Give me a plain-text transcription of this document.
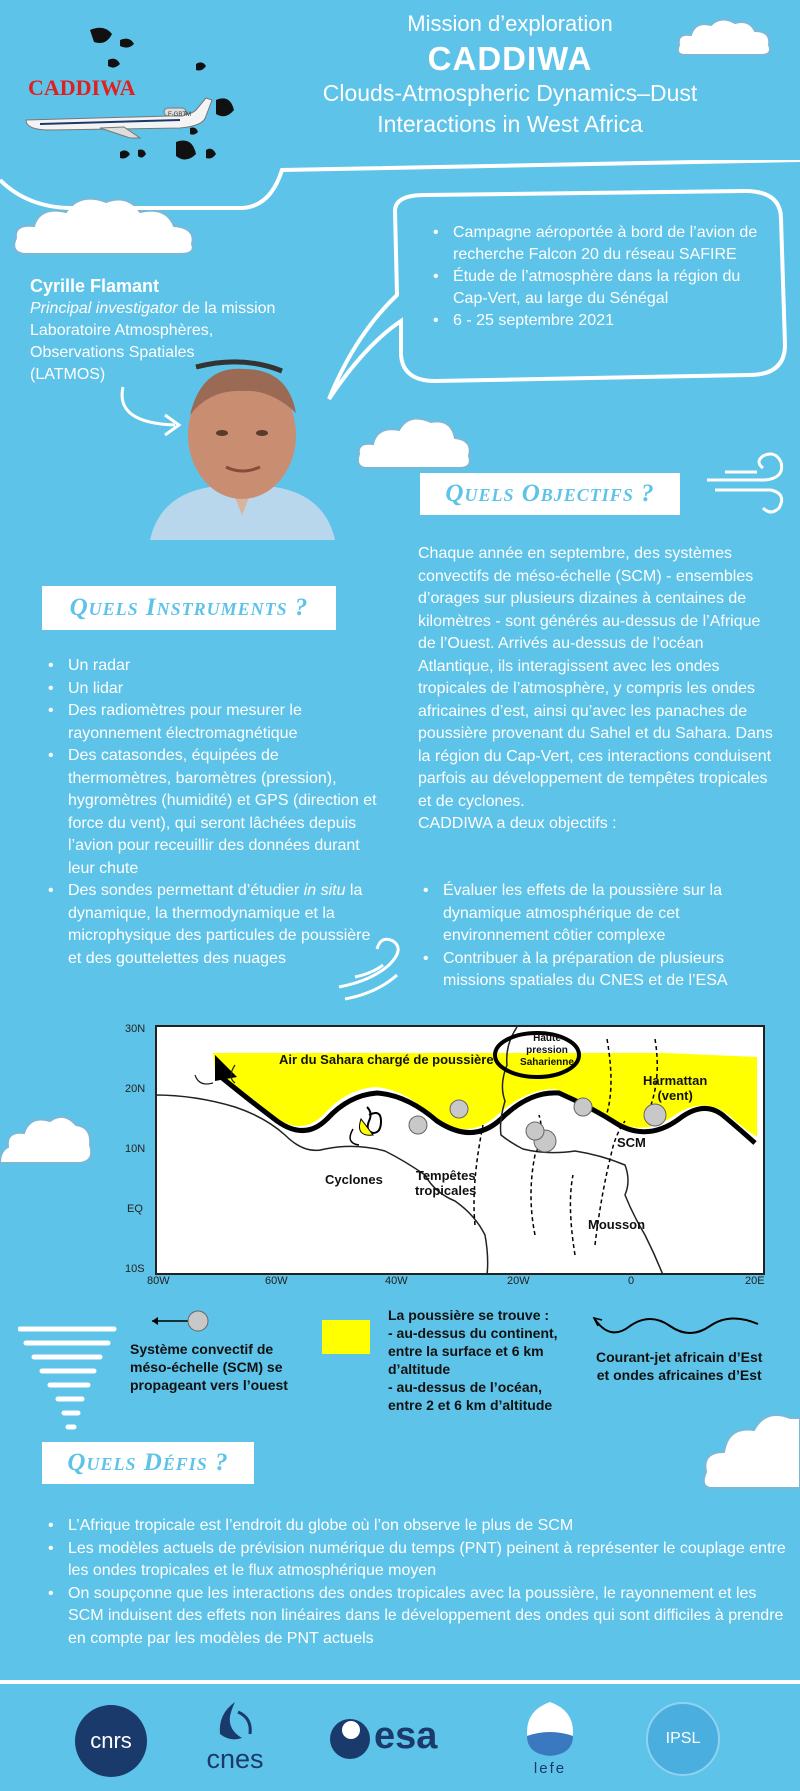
CADDIWA
F-GBTM
Mission d’exploration
CADDIWA
Clouds-Atmospheric Dynamics–Dust
Interactions in West Africa
Cyrille Flamant
Principal investigator de la mission
Laboratoire Atmosphères,
Observations Spatiales
(LATMOS)
• Campagne aéroportée à bord de l’avion de recherche Falcon 20 du réseau SAFIRE
• Étude de l’atmosphère dans la région du Cap-Vert, au large du Sénégal
• 6 - 25 septembre 2021
Quels Objectifs ?
Chaque année en septembre, des systèmes convectifs de méso-échelle (SCM) - ensembles d’orages sur plusieurs dizaines à centaines de kilomètres - sont générés au-dessus de l’Afrique de l’Ouest. Arrivés au-dessus de l’océan Atlantique, ils interagissent avec les ondes tropicales de l’atmosphère, y compris les ondes africaines d’est, ainsi qu’avec les panaches de poussière provenant du Sahel et du Sahara. Dans la région du Cap-Vert, ces interactions conduisent parfois au développement de tempêtes tropicales et de cyclones.
CADDIWA a deux objectifs :
• Évaluer les effets de la poussière sur la dynamique atmosphérique de cet environnement côtier complexe
• Contribuer à la préparation de plusieurs missions spatiales du CNES et de l’ESA
Quels Instruments ?
• Un radar
• Un lidar
• Des radiomètres pour mesurer le rayonnement électromagnétique
• Des catasondes, équipées de thermomètres, baromètres (pression), hygromètres (humidité) et GPS (direction et force du vent), qui seront lâchées depuis l’avion pour receuillir des données durant leur chute
• Des sondes permettant d’étudier in situ la dynamique, la thermodynamique et la microphysique des particules de poussière et des gouttelettes des nuages
30N
20N
10N
EQ
10S
80W	60W	40W	20W	0	20E
Air du Sahara chargé de poussière
Haute
pression
Saharienne
Harmattan
(vent)
SCM
Cyclones	Tempêtes
tropicales
Mousson
Système convectif de
méso-échelle (SCM) se
propageant vers l’ouest
La poussière se trouve :
- au-dessus du continent,
entre la surface et 6 km
d’altitude
- au-dessus de l’océan,
entre 2 et 6 km d’altitude
Courant-jet africain d’Est
et ondes africaines d’Est
Quels Défis ?
• L’Afrique tropicale est l’endroit du globe où l’on observe le plus de SCM
• Les modèles actuels de prévision numérique du temps (PNT) peinent à représenter le couplage entre les ondes tropicales et le flux atmosphérique moyen
• On soupçonne que les interactions des ondes tropicales avec la poussière, le rayonnement et les SCM induisent des effets non linéaires dans le développement des ondes qui sont difficiles à prendre en compte par les modèles de PNT actuels
cnrs
cnes
esa
lefe
IPSL
